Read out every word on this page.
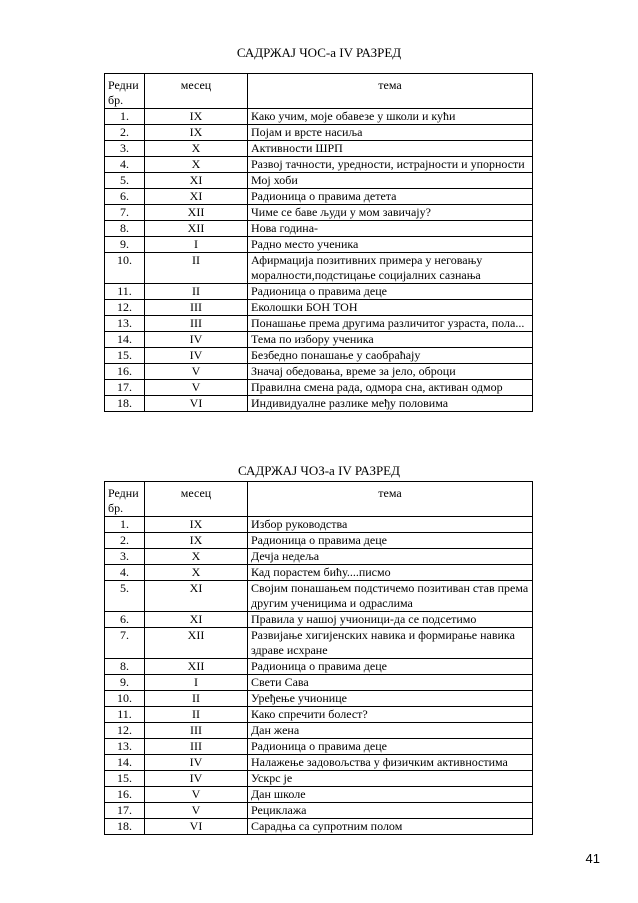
САДРЖАЈ ЧОС-а IV РАЗРЕД
Редни бр.	месец	тема
1.	IX	Како учим, моје обавезе у школи и кући
2.	IX	Појам и врсте насиља
3.	X	Активности ШРП
4.	X	Развој тачности, уредности, истрајности и упорности
5.	XI	Мој хоби
6.	XI	Радионица о правима детета
7.	XII	Чиме се баве људи у мом завичају?
8.	XII	Нова година-
9.	I	Радно место ученика
10.	II	Афирмација позитивних примера у неговању моралности,подстицање социјалних сазнања
11.	II	Радионица о правима деце
12.	III	Еколошки БОН ТОН
13.	III	Понашање према другима различитог узраста, пола...
14.	IV	Тема по избору ученика
15.	IV	Безбедно понашање у саобраћају
16.	V	Значај обедовања, време за јело, оброци
17.	V	Правилна смена рада, одмора сна, активан одмор
18.	VI	Индивидуалне разлике међу половима
САДРЖАЈ ЧОЗ-а IV РАЗРЕД
Редни бр.	месец	тема
1.	IX	Избор руководства
2.	IX	Радионица о правима деце
3.	X	Дечја недеља
4.	X	Кад порастем бићу....писмо
5.	XI	Својим понашањем подстичемо позитиван став према другим ученицима и одраслима
6.	XI	Правила у нашој учионици-да се подсетимо
7.	XII	Развијање хигијенских навика и формирање навика здраве исхране
8.	XII	Радионица о правима деце
9.	I	Свети Сава
10.	II	Уређење учионице
11.	II	Како спречити болест?
12.	III	Дан жена
13.	III	Радионица о правима деце
14.	IV	Налажење задовољства у физичким активностима
15.	IV	Ускрс је
16.	V	Дан школе
17.	V	Рециклажа
18.	VI	Сарадња са супротним полом
41
